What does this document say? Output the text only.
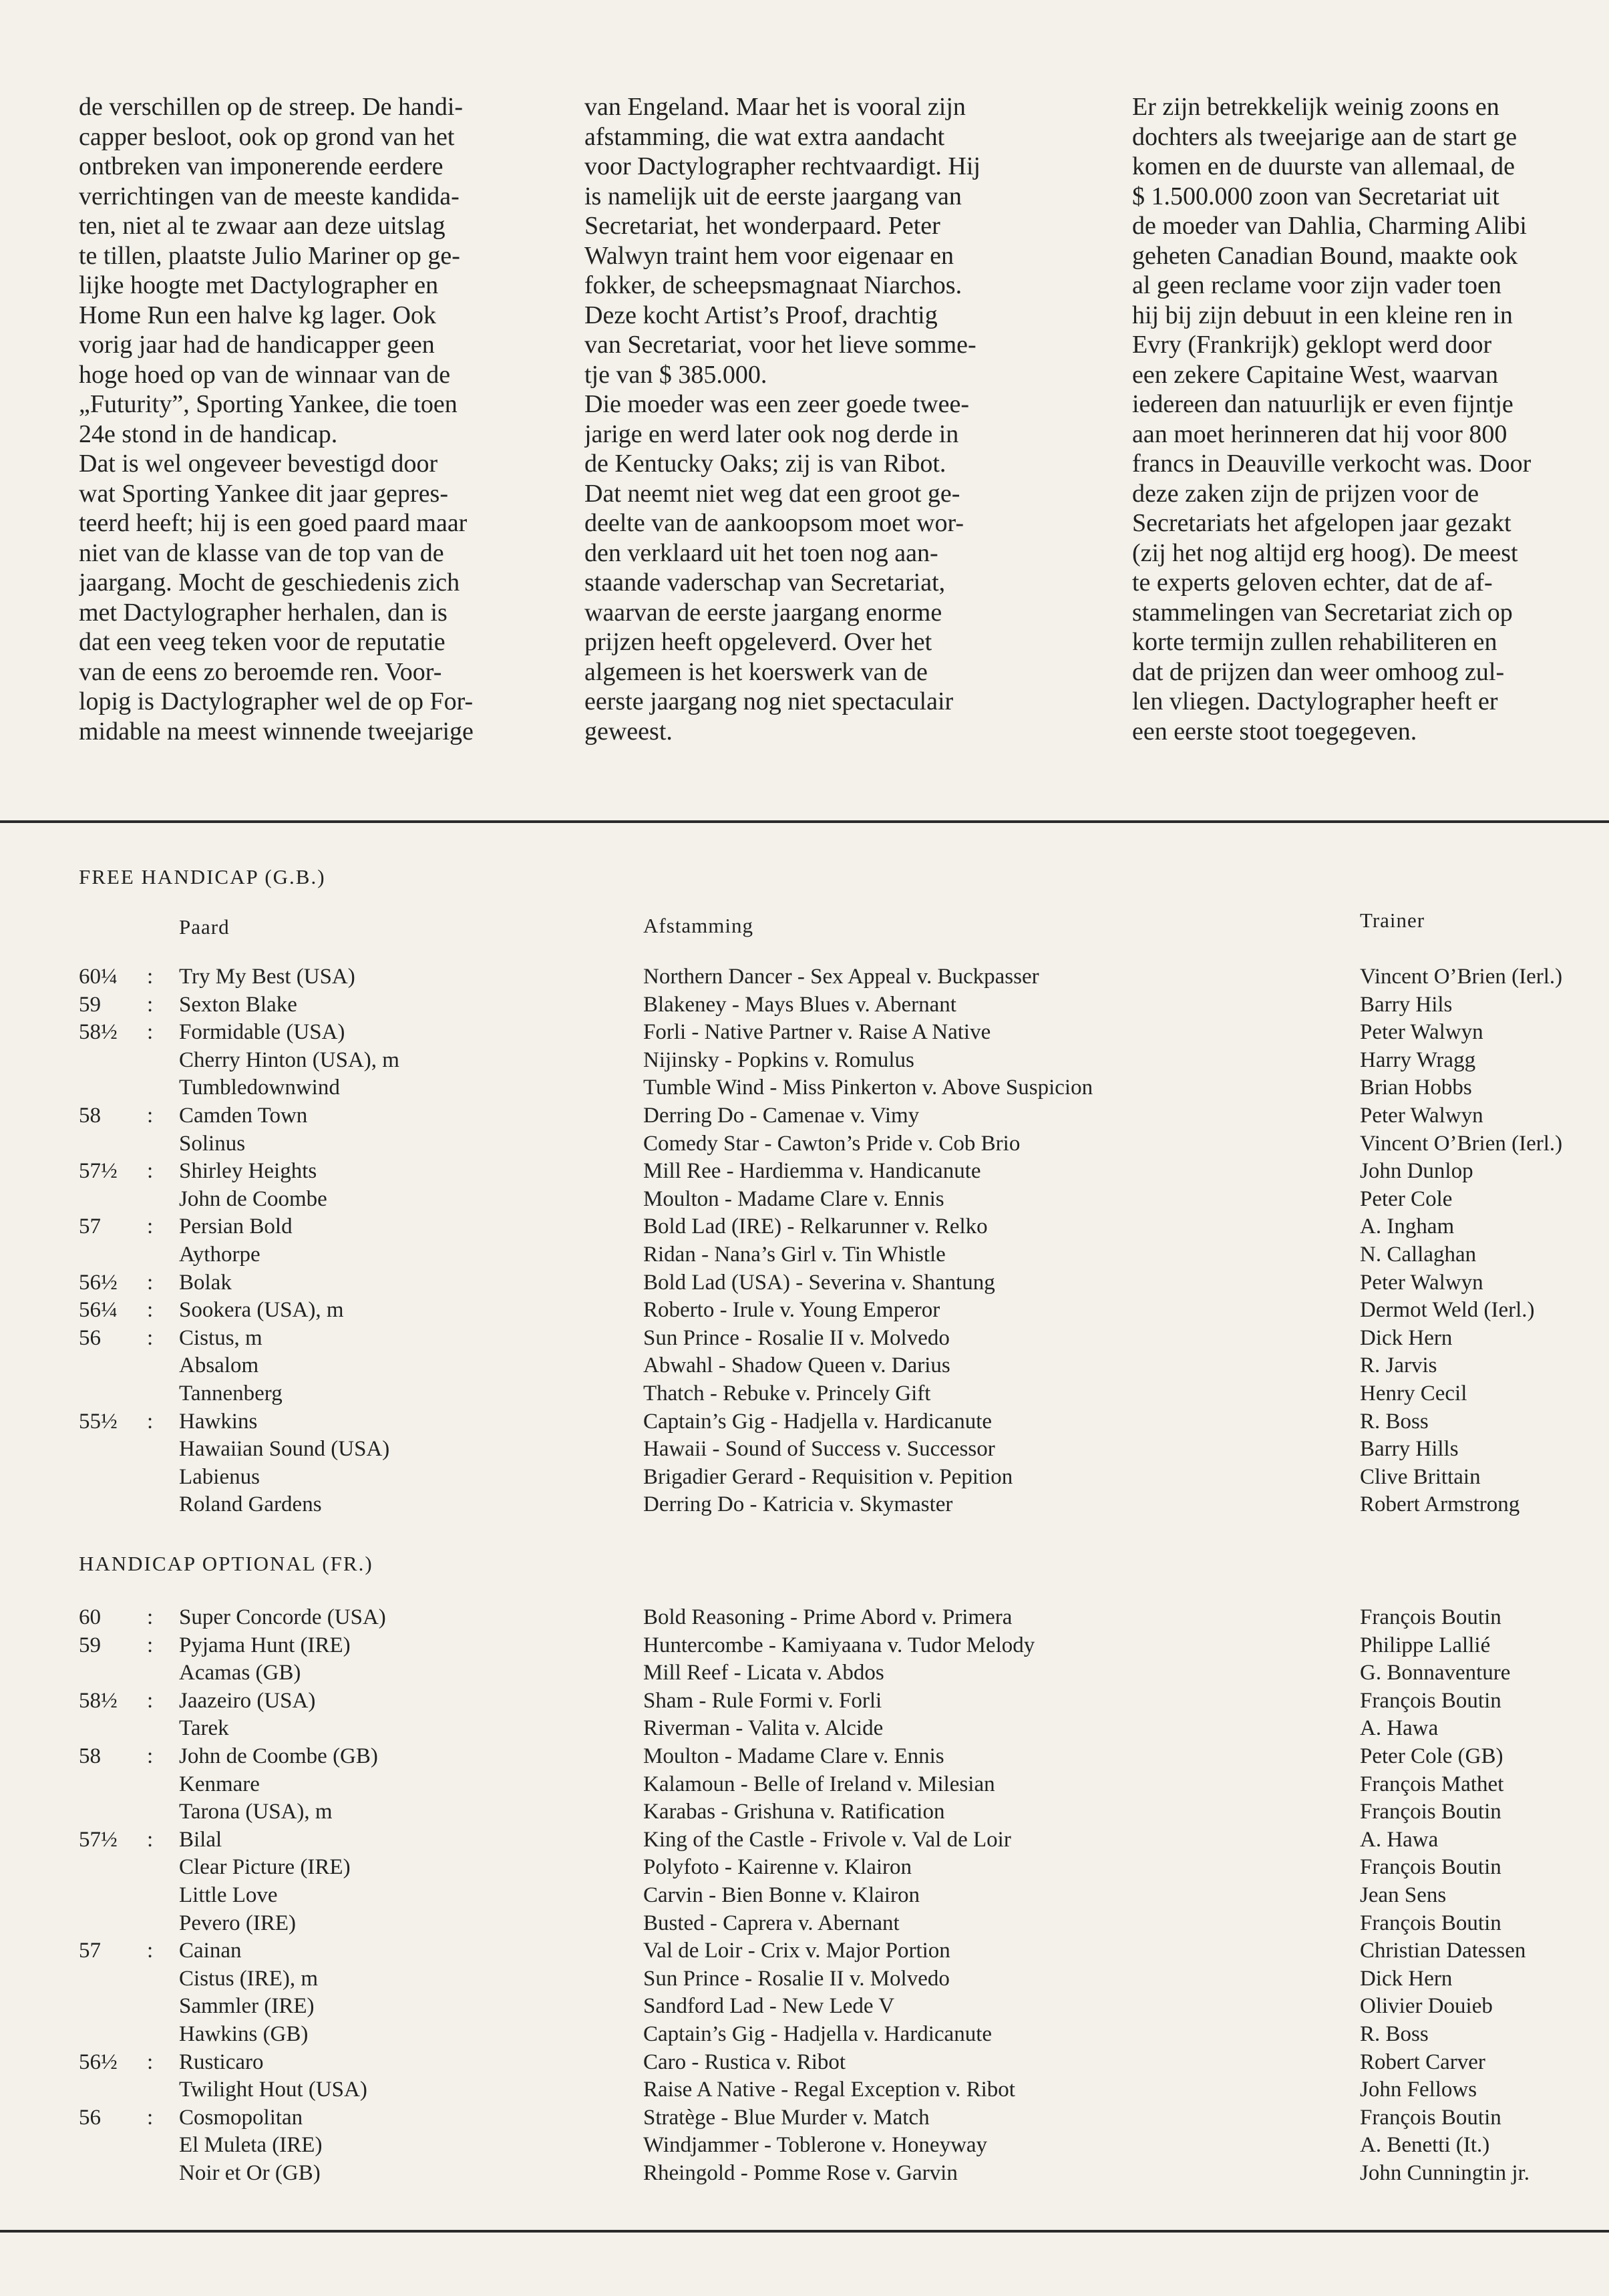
de verschillen op de streep. De handi-
capper besloot, ook op grond van het
ontbreken van imponerende eerdere
verrichtingen van de meeste kandida-
ten, niet al te zwaar aan deze uitslag
te tillen, plaatste Julio Mariner op ge-
lijke hoogte met Dactylographer en
Home Run een halve kg lager. Ook
vorig jaar had de handicapper geen
hoge hoed op van de winnaar van de
„Futurity”, Sporting Yankee, die toen
24e stond in de handicap.
Dat is wel ongeveer bevestigd door
wat Sporting Yankee dit jaar gepres-
teerd heeft; hij is een goed paard maar
niet van de klasse van de top van de
jaargang. Mocht de geschiedenis zich
met Dactylographer herhalen, dan is
dat een veeg teken voor de reputatie
van de eens zo beroemde ren. Voor-
lopig is Dactylographer wel de op For-
midable na meest winnende tweejarige
van Engeland. Maar het is vooral zijn
afstamming, die wat extra aandacht
voor Dactylographer rechtvaardigt. Hij
is namelijk uit de eerste jaargang van
Secretariat, het wonderpaard. Peter
Walwyn traint hem voor eigenaar en
fokker, de scheepsmagnaat Niarchos.
Deze kocht Artist’s Proof, drachtig
van Secretariat, voor het lieve somme-
tje van $ 385.000.
Die moeder was een zeer goede twee-
jarige en werd later ook nog derde in
de Kentucky Oaks; zij is van Ribot.
Dat neemt niet weg dat een groot ge-
deelte van de aankoopsom moet wor-
den verklaard uit het toen nog aan-
staande vaderschap van Secretariat,
waarvan de eerste jaargang enorme
prijzen heeft opgeleverd. Over het
algemeen is het koerswerk van de
eerste jaargang nog niet spectaculair
geweest.
Er zijn betrekkelijk weinig zoons en
dochters als tweejarige aan de start ge
komen en de duurste van allemaal, de
$ 1.500.000 zoon van Secretariat uit
de moeder van Dahlia, Charming Alibi
geheten Canadian Bound, maakte ook
al geen reclame voor zijn vader toen
hij bij zijn debuut in een kleine ren in
Evry (Frankrijk) geklopt werd door
een zekere Capitaine West, waarvan
iedereen dan natuurlijk er even fijntje
aan moet herinneren dat hij voor 800
francs in Deauville verkocht was. Door
deze zaken zijn de prijzen voor de
Secretariats het afgelopen jaar gezakt
(zij het nog altijd erg hoog). De meest
te experts geloven echter, dat de af-
stammelingen van Secretariat zich op
korte termijn zullen rehabiliteren en
dat de prijzen dan weer omhoog zul-
len vliegen. Dactylographer heeft er
een eerste stoot toegegeven.
FREE HANDICAP (G.B.)
Paard	Afstamming	Trainer
60¼ : Try My Best (USA)	Northern Dancer - Sex Appeal v. Buckpasser	Vincent O’Brien (Ierl.)
59 : Sexton Blake	Blakeney - Mays Blues v. Abernant	Barry Hils
58½ : Formidable (USA)	Forli - Native Partner v. Raise A Native	Peter Walwyn
Cherry Hinton (USA), m	Nijinsky - Popkins v. Romulus	Harry Wragg
Tumbledownwind	Tumble Wind - Miss Pinkerton v. Above Suspicion	Brian Hobbs
58 : Camden Town	Derring Do - Camenae v. Vimy	Peter Walwyn
Solinus	Comedy Star - Cawton’s Pride v. Cob Brio	Vincent O’Brien (Ierl.)
57½ : Shirley Heights	Mill Ree - Hardiemma v. Handicanute	John Dunlop
John de Coombe	Moulton - Madame Clare v. Ennis	Peter Cole
57 : Persian Bold	Bold Lad (IRE) - Relkarunner v. Relko	A. Ingham
Aythorpe	Ridan - Nana’s Girl v. Tin Whistle	N. Callaghan
56½ : Bolak	Bold Lad (USA) - Severina v. Shantung	Peter Walwyn
56¼ : Sookera (USA), m	Roberto - Irule v. Young Emperor	Dermot Weld (Ierl.)
56 : Cistus, m	Sun Prince - Rosalie II v. Molvedo	Dick Hern
Absalom	Abwahl - Shadow Queen v. Darius	R. Jarvis
Tannenberg	Thatch - Rebuke v. Princely Gift	Henry Cecil
55½ : Hawkins	Captain’s Gig - Hadjella v. Hardicanute	R. Boss
Hawaiian Sound (USA)	Hawaii - Sound of Success v. Successor	Barry Hills
Labienus	Brigadier Gerard - Requisition v. Pepition	Clive Brittain
Roland Gardens	Derring Do - Katricia v. Skymaster	Robert Armstrong
HANDICAP OPTIONAL (FR.)
60 : Super Concorde (USA)	Bold Reasoning - Prime Abord v. Primera	François Boutin
59 : Pyjama Hunt (IRE)	Huntercombe - Kamiyaana v. Tudor Melody	Philippe Lallié
Acamas (GB)	Mill Reef - Licata v. Abdos	G. Bonnaventure
58½ : Jaazeiro (USA)	Sham - Rule Formi v. Forli	François Boutin
Tarek	Riverman - Valita v. Alcide	A. Hawa
58 : John de Coombe (GB)	Moulton - Madame Clare v. Ennis	Peter Cole (GB)
Kenmare	Kalamoun - Belle of Ireland v. Milesian	François Mathet
Tarona (USA), m	Karabas - Grishuna v. Ratification	François Boutin
57½ : Bilal	King of the Castle - Frivole v. Val de Loir	A. Hawa
Clear Picture (IRE)	Polyfoto - Kairenne v. Klairon	François Boutin
Little Love	Carvin - Bien Bonne v. Klairon	Jean Sens
Pevero (IRE)	Busted - Caprera v. Abernant	François Boutin
57 : Cainan	Val de Loir - Crix v. Major Portion	Christian Datessen
Cistus (IRE), m	Sun Prince - Rosalie II v. Molvedo	Dick Hern
Sammler (IRE)	Sandford Lad - New Lede V	Olivier Douieb
Hawkins (GB)	Captain’s Gig - Hadjella v. Hardicanute	R. Boss
56½ : Rusticaro	Caro - Rustica v. Ribot	Robert Carver
Twilight Hout (USA)	Raise A Native - Regal Exception v. Ribot	John Fellows
56 : Cosmopolitan	Stratège - Blue Murder v. Match	François Boutin
El Muleta (IRE)	Windjammer - Toblerone v. Honeyway	A. Benetti (It.)
Noir et Or (GB)	Rheingold - Pomme Rose v. Garvin	John Cunningtin jr.
